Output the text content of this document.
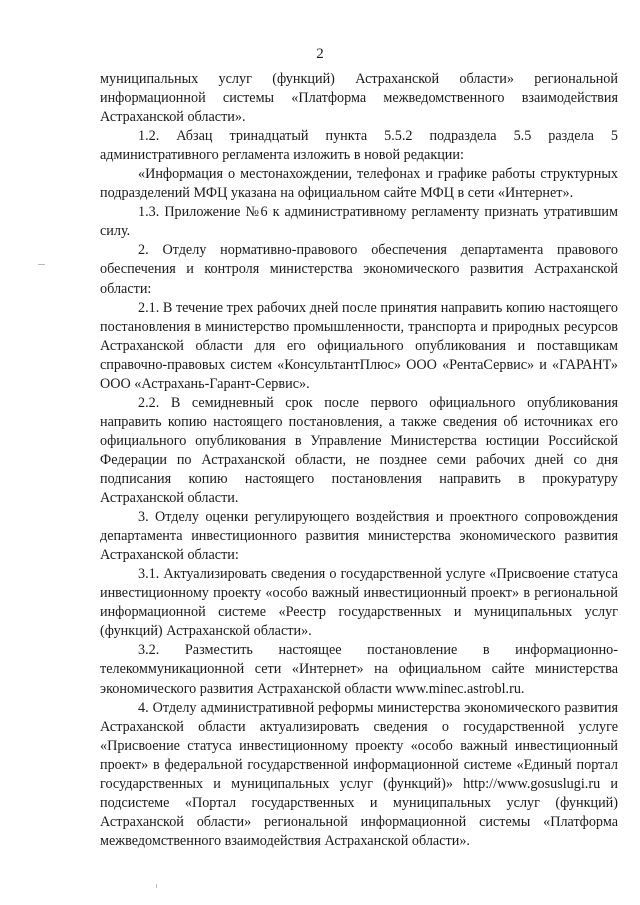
2

муниципальных услуг (функций) Астраханской области» региональной информационной системы «Платформа межведомственного взаимодействия Астраханской области».

1.2. Абзац тринадцатый пункта 5.5.2 подраздела 5.5 раздела 5 административного регламента изложить в новой редакции:

«Информация о местонахождении, телефонах и графике работы структурных подразделений МФЦ указана на официальном сайте МФЦ в сети «Интернет».

1.3. Приложение №6 к административному регламенту признать утратившим силу.

2. Отделу нормативно-правового обеспечения департамента правового обеспечения и контроля министерства экономического развития Астраханской области:

2.1. В течение трех рабочих дней после принятия направить копию настоящего постановления в министерство промышленности, транспорта и природных ресурсов Астраханской области для его официального опубликования и поставщикам справочно-правовых систем «КонсультантПлюс» ООО «РентаСервис» и «ГАРАНТ» ООО «Астрахань-Гарант-Сервис».

2.2. В семидневный срок после первого официального опубликования направить копию настоящего постановления, а также сведения об источниках его официального опубликования в Управление Министерства юстиции Российской Федерации по Астраханской области, не позднее семи рабочих дней со дня подписания копию настоящего постановления направить в прокуратуру Астраханской области.

3. Отделу оценки регулирующего воздействия и проектного сопровождения департамента инвестиционного развития министерства экономического развития Астраханской области:

3.1. Актуализировать сведения о государственной услуге «Присвоение статуса инвестиционному проекту «особо важный инвестиционный проект» в региональной информационной системе «Реестр государственных и муниципальных услуг (функций) Астраханской области».

3.2. Разместить настоящее постановление в информационно-телекоммуникационной сети «Интернет» на официальном сайте министерства экономического развития Астраханской области www.minec.astrobl.ru.

4. Отделу административной реформы министерства экономического развития Астраханской области актуализировать сведения о государственной услуге «Присвоение статуса инвестиционному проекту «особо важный инвестиционный проект» в федеральной государственной информационной системе «Единый портал государственных и муниципальных услуг (функций)» http://www.gosuslugi.ru и подсистеме «Портал государственных и муниципальных услуг (функций) Астраханской области» региональной информационной системы «Платформа межведомственного взаимодействия Астраханской области».
